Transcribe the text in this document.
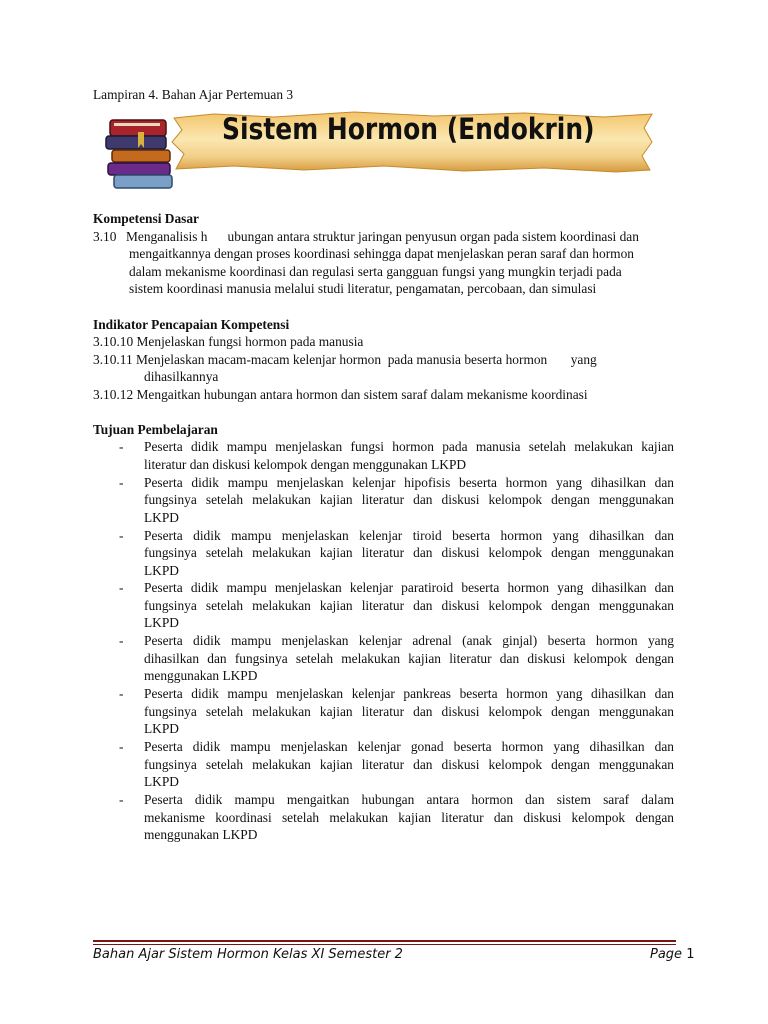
Lampiran 4. Bahan Ajar Pertemuan 3
Sistem Hormon (Endokrin)
Kompetensi Dasar
3.10 Menganalisis h      ubungan antara struktur jaringan penyusun organ pada sistem koordinasi dan
mengaitkannya dengan proses koordinasi sehingga dapat menjelaskan peran saraf dan hormon
dalam mekanisme koordinasi dan regulasi serta gangguan fungsi yang mungkin terjadi pada
sistem koordinasi manusia melalui studi literatur, pengamatan, percobaan, dan simulasi
Indikator Pencapaian Kompetensi
3.10.10 Menjelaskan fungsi hormon pada manusia
3.10.11 Menjelaskan macam-macam kelenjar hormon  pada manusia beserta hormon       yang
dihasilkannya
3.10.12 Mengaitkan hubungan antara hormon dan sistem saraf dalam mekanisme koordinasi
Tujuan Pembelajaran
- Peserta didik mampu menjelaskan fungsi hormon pada manusia setelah melakukan kajian
literatur dan diskusi kelompok dengan menggunakan LKPD
- Peserta didik mampu menjelaskan kelenjar hipofisis beserta hormon yang dihasilkan dan
fungsinya setelah melakukan kajian literatur dan diskusi kelompok dengan menggunakan
LKPD
- Peserta didik mampu menjelaskan kelenjar tiroid beserta hormon yang dihasilkan dan
fungsinya setelah melakukan kajian literatur dan diskusi kelompok dengan menggunakan
LKPD
- Peserta didik mampu menjelaskan kelenjar paratiroid beserta hormon yang dihasilkan dan
fungsinya setelah melakukan kajian literatur dan diskusi kelompok dengan menggunakan
LKPD
- Peserta didik mampu menjelaskan kelenjar adrenal (anak ginjal) beserta hormon yang
dihasilkan dan fungsinya setelah melakukan kajian literatur dan diskusi kelompok dengan
menggunakan LKPD
- Peserta didik mampu menjelaskan kelenjar pankreas beserta hormon yang dihasilkan dan
fungsinya setelah melakukan kajian literatur dan diskusi kelompok dengan menggunakan
LKPD
- Peserta didik mampu menjelaskan kelenjar gonad beserta hormon yang dihasilkan dan
fungsinya setelah melakukan kajian literatur dan diskusi kelompok dengan menggunakan
LKPD
- Peserta didik mampu mengaitkan hubungan antara hormon dan sistem saraf dalam
mekanisme koordinasi setelah melakukan kajian literatur dan diskusi kelompok dengan
menggunakan LKPD
Bahan Ajar Sistem Hormon Kelas XI Semester 2	Page 1
